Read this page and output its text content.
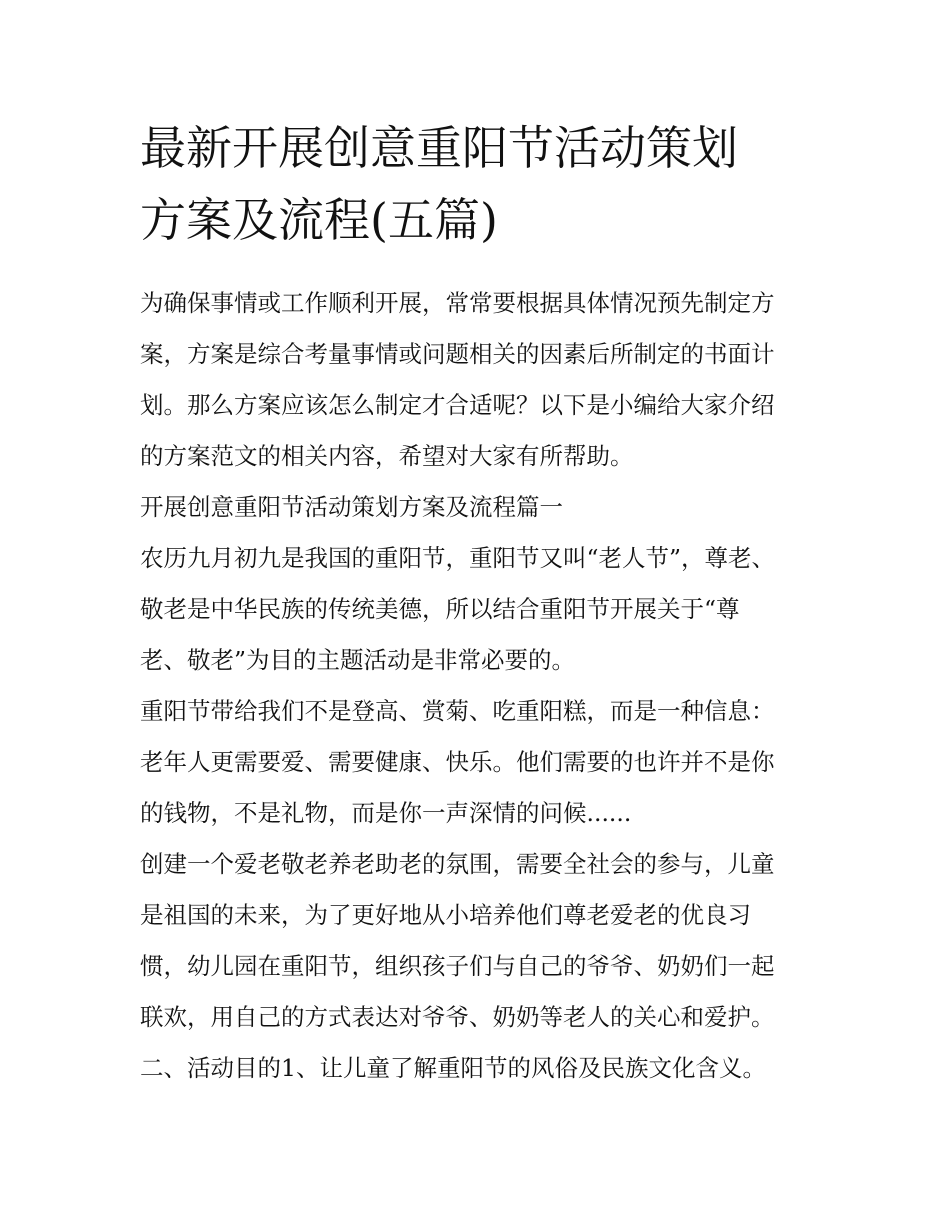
最新开展创意重阳节活动策划
方案及流程(五篇)

为确保事情或工作顺利开展，常常要根据具体情况预先制定方
案，方案是综合考量事情或问题相关的因素后所制定的书面计
划。那么方案应该怎么制定才合适呢？以下是小编给大家介绍
的方案范文的相关内容，希望对大家有所帮助。

开展创意重阳节活动策划方案及流程篇一

农历九月初九是我国的重阳节，重阳节又叫“老人节”，尊老、
敬老是中华民族的传统美德，所以结合重阳节开展关于“尊
老、敬老”为目的主题活动是非常必要的。

重阳节带给我们不是登高、赏菊、吃重阳糕，而是一种信息：
老年人更需要爱、需要健康、快乐。他们需要的也许并不是你
的钱物，不是礼物，而是你一声深情的问候......

创建一个爱老敬老养老助老的氛围，需要全社会的参与，儿童
是祖国的未来，为了更好地从小培养他们尊老爱老的优良习
惯，幼儿园在重阳节，组织孩子们与自己的爷爷、奶奶们一起
联欢，用自己的方式表达对爷爷、奶奶等老人的关心和爱护。

二、活动目的1、让儿童了解重阳节的风俗及民族文化含义。
